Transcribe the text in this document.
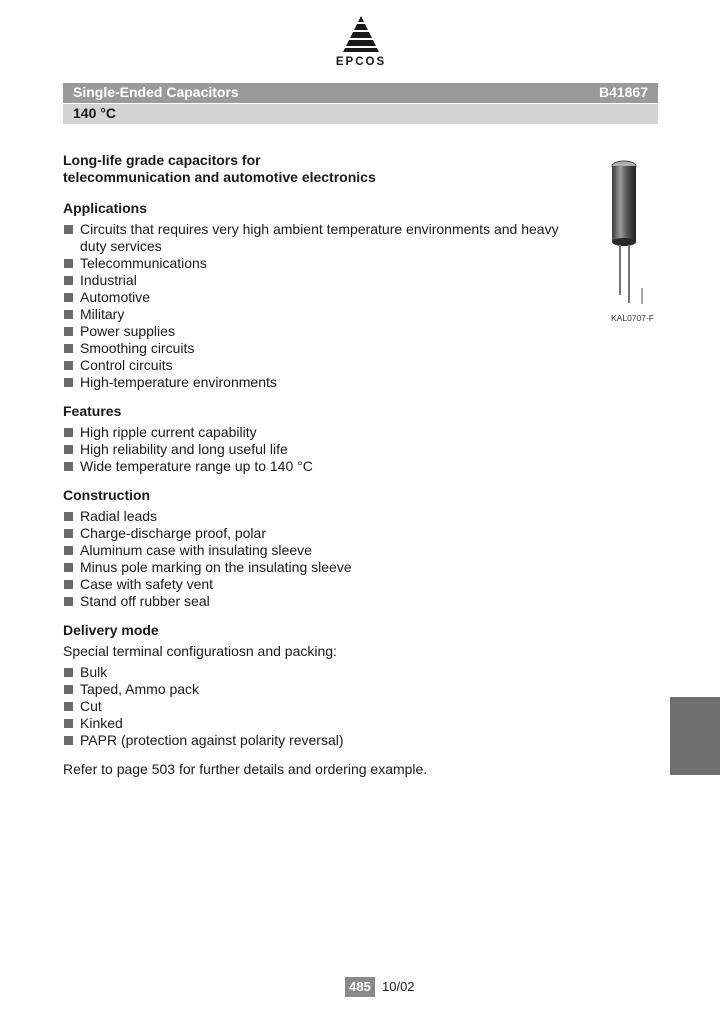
EPCOS
Single-Ended Capacitors	B41867
140 °C
KAL0707-F

Long-life grade capacitors for
telecommunication and automotive electronics

Applications

Circuits that requires very high ambient temperature environments and heavy duty services
Telecommunications
Industrial
Automotive
Military
Power supplies
Smoothing circuits
Control circuits
High-temperature environments

Features

High ripple current capability
High reliability and long useful life
Wide temperature range up to 140 °C

Construction

Radial leads
Charge-discharge proof, polar
Aluminum case with insulating sleeve
Minus pole marking on the insulating sleeve
Case with safety vent
Stand off rubber seal

Delivery mode

Special terminal configuratiosn and packing:

Bulk
Taped, Ammo pack
Cut
Kinked
PAPR (protection against polarity reversal)

Refer to page 503 for further details and ordering example.

485 10/02
